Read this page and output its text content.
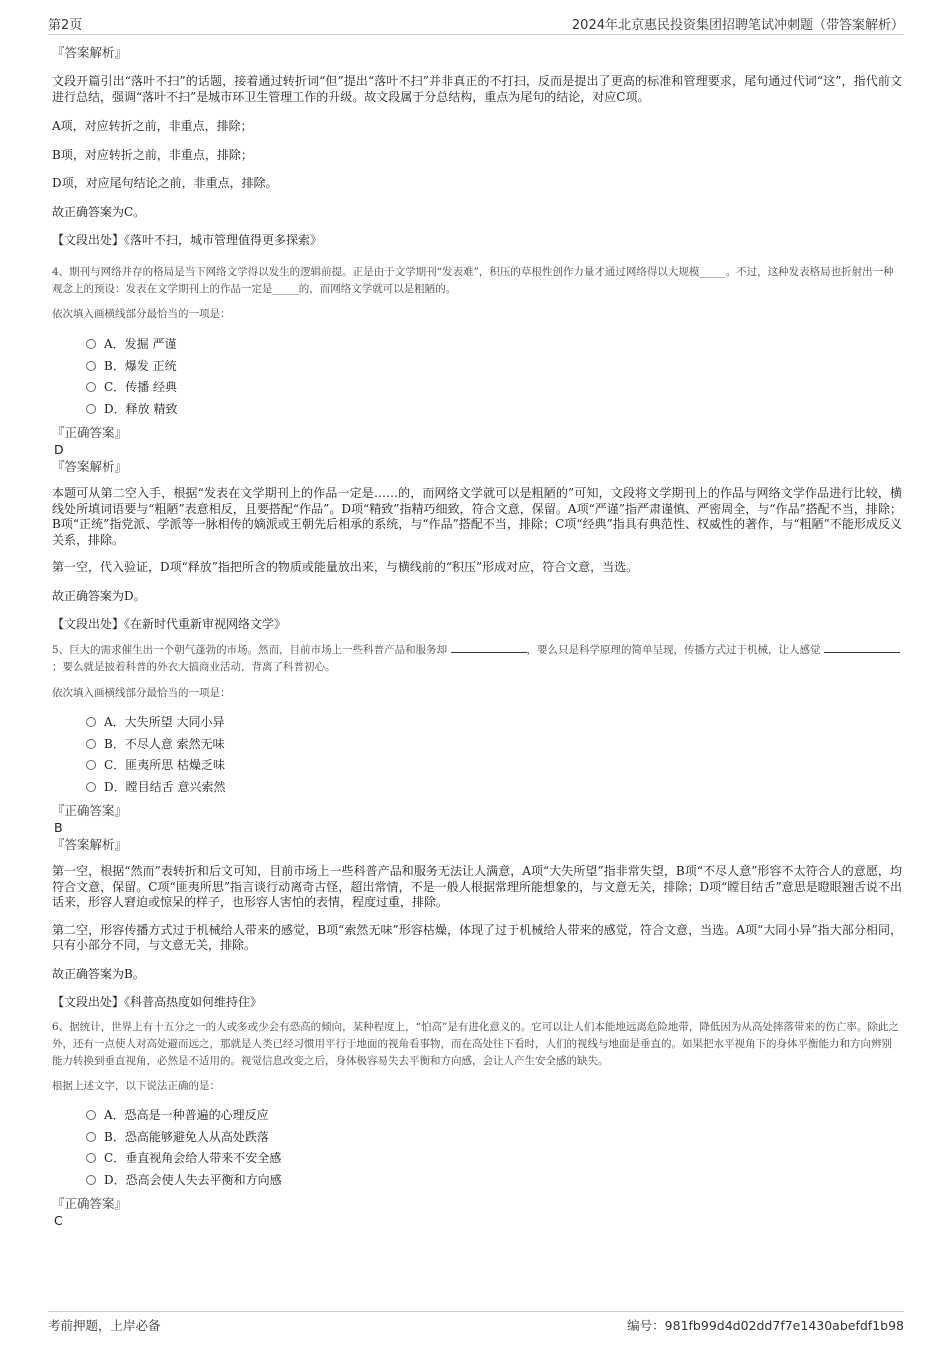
第2页	2024年北京惠民投资集团招聘笔试冲刺题（带答案解析）
『答案解析』
文段开篇引出“落叶不扫”的话题，接着通过转折词“但”提出“落叶不扫”并非真正的不打扫，反而是提出了更高的标准和管理要求，尾句通过代词“这”，指代前文进行总结，强调“落叶不扫”是城市环卫生管理工作的升级。故文段属于分总结构，重点为尾句的结论，对应C项。
A项，对应转折之前，非重点，排除；
B项，对应转折之前，非重点，排除；
D项，对应尾句结论之前，非重点，排除。
故正确答案为C。
【文段出处】《落叶不扫，城市管理值得更多探索》
4、期刊与网络并存的格局是当下网络文学得以发生的逻辑前提。正是由于文学期刊“发表难”，积压的草根性创作力量才通过网络得以大规模_____。不过，这种发表格局也折射出一种观念上的预设：发表在文学期刊上的作品一定是_____的，而网络文学就可以是粗陋的。
依次填入画横线部分最恰当的一项是：
A．发掘 严谨
B．爆发 正统
C．传播 经典
D．释放 精致
『正确答案』
D
『答案解析』
本题可从第二空入手，根据“发表在文学期刊上的作品一定是……的，而网络文学就可以是粗陋的”可知，文段将文学期刊上的作品与网络文学作品进行比较，横线处所填词语要与“粗陋”表意相反，且要搭配“作品”。D项“精致”指精巧细致，符合文意，保留。A项“严谨”指严肃谨慎、严密周全，与“作品”搭配不当，排除；B项“正统”指党派、学派等一脉相传的嫡派或王朝先后相承的系统，与“作品”搭配不当，排除；C项“经典”指具有典范性、权威性的著作，与“粗陋”不能形成反义关系，排除。
第一空，代入验证，D项“释放”指把所含的物质或能量放出来，与横线前的“积压”形成对应，符合文意，当选。
故正确答案为D。
【文段出处】《在新时代重新审视网络文学》
5、巨大的需求催生出一个朝气蓬勃的市场。然而，目前市场上一些科普产品和服务却	，要么只是科学原理的简单呈现，传播方式过于机械，让人感觉 ；要么就是披着科普的外衣大搞商业活动，背离了科普初心。
依次填入画横线部分最恰当的一项是：
A．大失所望 大同小异
B．不尽人意 索然无味
C．匪夷所思 枯燥乏味
D．瞠目结舌 意兴索然
『正确答案』
B
『答案解析』
第一空，根据“然而”表转折和后文可知，目前市场上一些科普产品和服务无法让人满意，A项“大失所望”指非常失望，B项“不尽人意”形容不太符合人的意愿，均符合文意，保留。C项“匪夷所思”指言谈行动离奇古怪，超出常情，不是一般人根据常理所能想象的，与文意无关，排除；D项“瞠目结舌”意思是瞪眼翘舌说不出话来，形容人窘迫或惊呆的样子，也形容人害怕的表情，程度过重，排除。
第二空，形容传播方式过于机械给人带来的感觉，B项“索然无味”形容枯燥，体现了过于机械给人带来的感觉，符合文意，当选。A项“大同小异”指大部分相同，只有小部分不同，与文意无关，排除。
故正确答案为B。
【文段出处】《科普高热度如何维持住》
6、据统计，世界上有十五分之一的人或多或少会有恐高的倾向，某种程度上，“怕高”是有进化意义的。它可以让人们本能地远离危险地带，降低因为从高处摔落带来的伤亡率。除此之外，还有一点使人对高处避而远之，那就是人类已经习惯用平行于地面的视角看事物，而在高处往下看时，人们的视线与地面是垂直的。如果把水平视角下的身体平衡能力和方向辨别能力转换到垂直视角，必然是不适用的。视觉信息改变之后，身体极容易失去平衡和方向感，会让人产生安全感的缺失。
根据上述文字，以下说法正确的是：
A．恐高是一种普遍的心理反应
B．恐高能够避免人从高处跌落
C．垂直视角会给人带来不安全感
D．恐高会使人失去平衡和方向感
『正确答案』
C
考前押题，上岸必备	编号：981fb99d4d02dd7f7e1430abefdf1b98
